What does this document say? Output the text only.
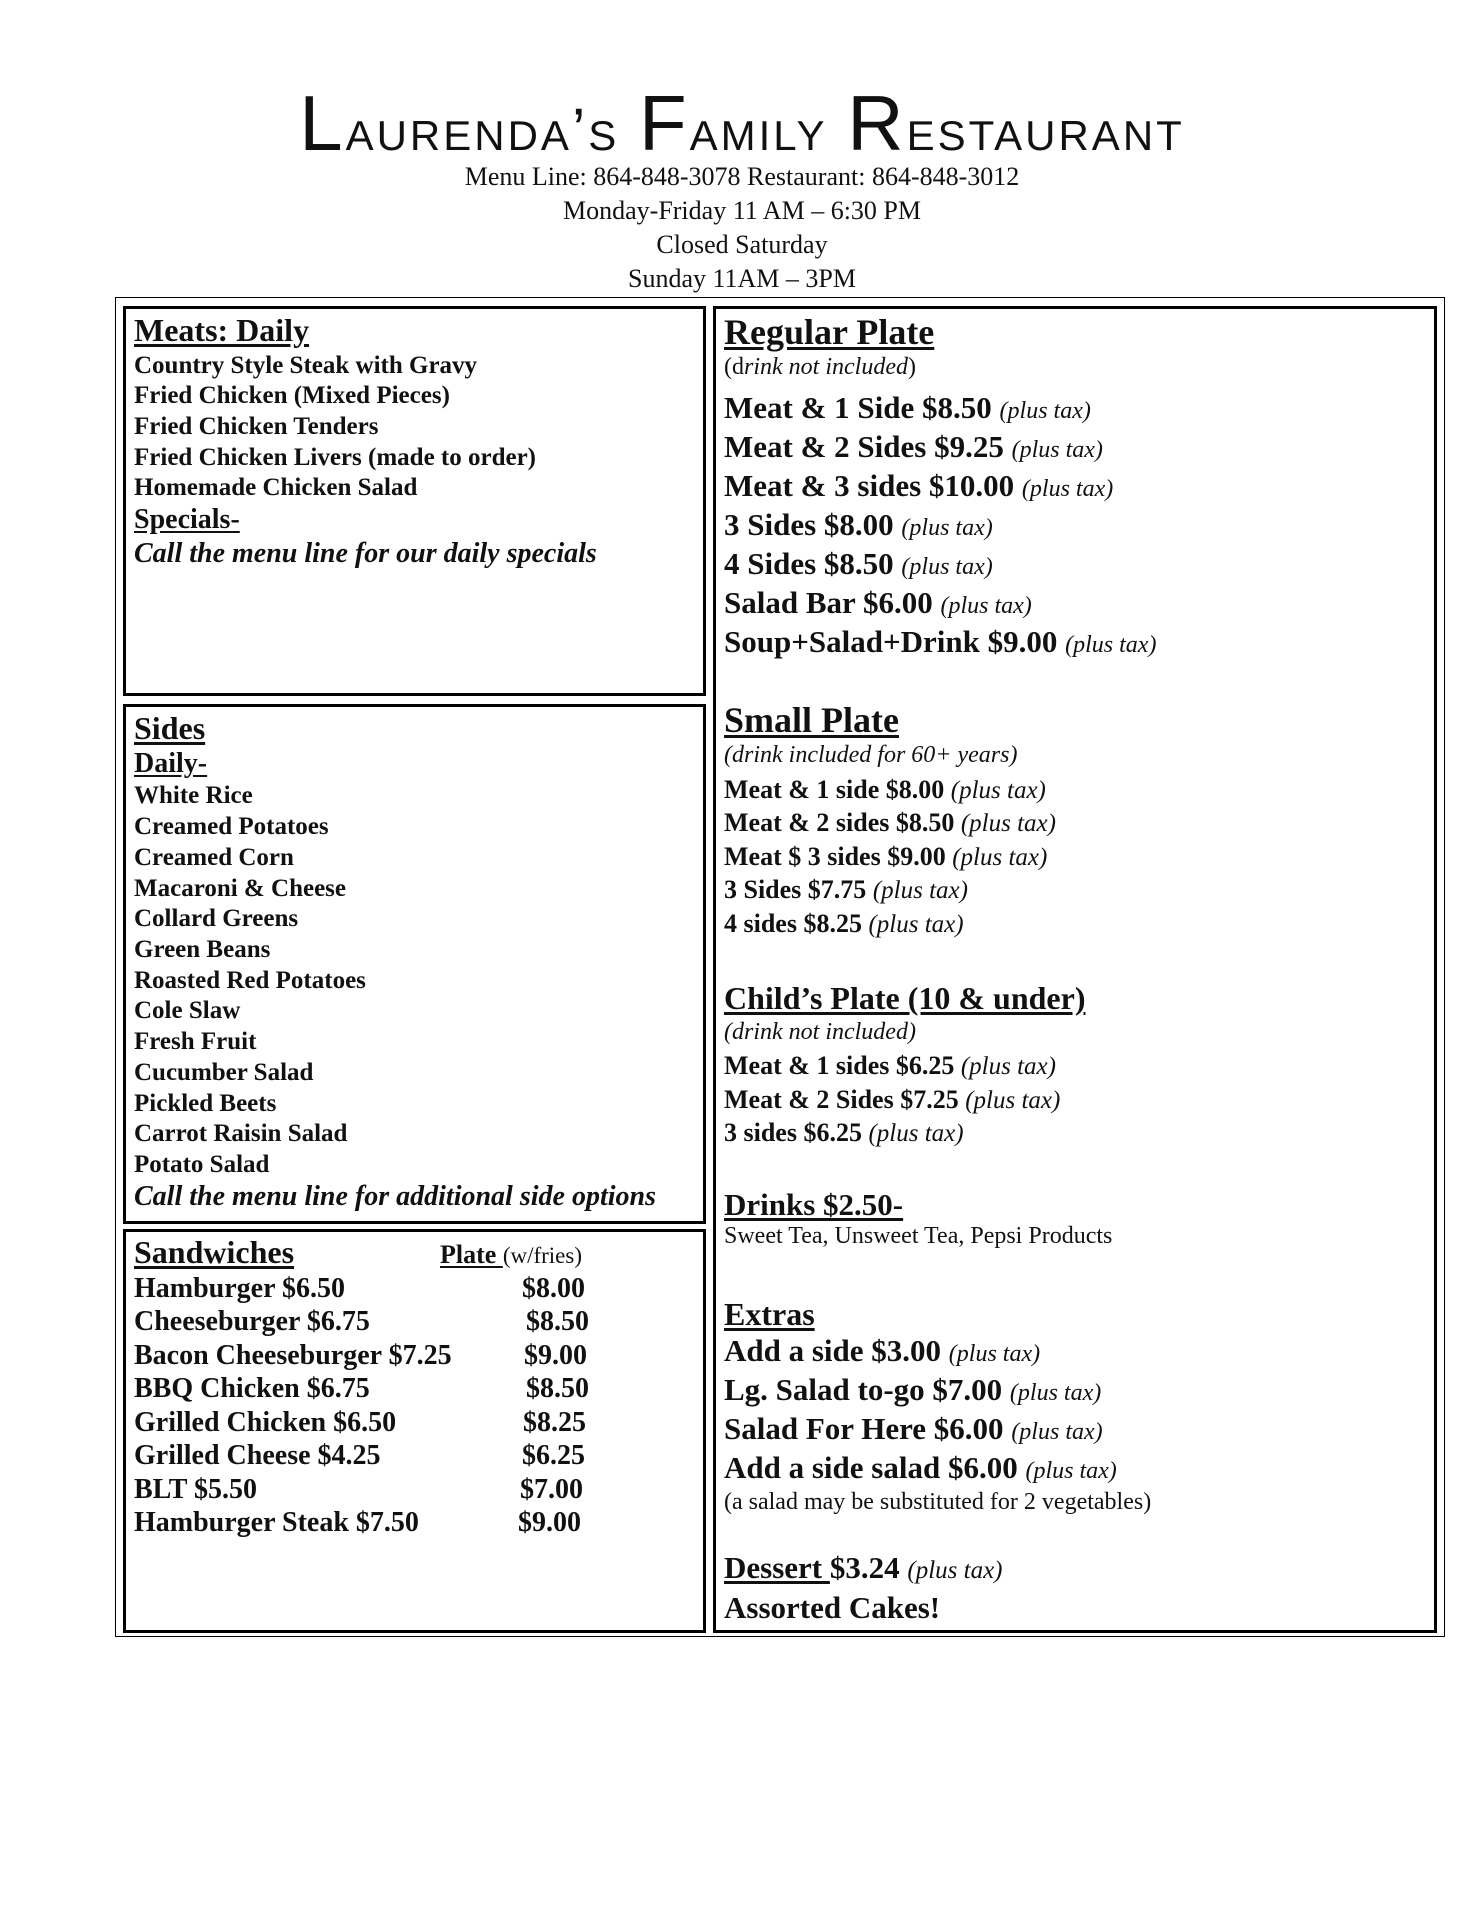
Laurenda’s Family Restaurant
Menu Line: 864-848-3078 Restaurant: 864-848-3012
Monday-Friday 11 AM – 6:30 PM
Closed Saturday
Sunday 11AM – 3PM
Meats: Daily
Country Style Steak with Gravy
Fried Chicken (Mixed Pieces)
Fried Chicken Tenders
Fried Chicken Livers (made to order)
Homemade Chicken Salad
Specials-
Call the menu line for our daily specials
Sides
Daily-
White Rice
Creamed Potatoes
Creamed Corn
Macaroni & Cheese
Collard Greens
Green Beans
Roasted Red Potatoes
Cole Slaw
Fresh Fruit
Cucumber Salad
Pickled Beets
Carrot Raisin Salad
Potato Salad
Call the menu line for additional side options
Sandwiches	Plate (w/fries)
Hamburger $6.50	$8.00
Cheeseburger $6.75	$8.50
Bacon Cheeseburger $7.25	$9.00
BBQ Chicken $6.75	$8.50
Grilled Chicken $6.50	$8.25
Grilled Cheese $4.25	$6.25
BLT $5.50	$7.00
Hamburger Steak $7.50	$9.00
Regular Plate
(drink not included)
Meat & 1 Side $8.50 (plus tax)
Meat & 2 Sides $9.25 (plus tax)
Meat & 3 sides $10.00 (plus tax)
3 Sides $8.00 (plus tax)
4 Sides $8.50 (plus tax)
Salad Bar $6.00 (plus tax)
Soup+Salad+Drink $9.00 (plus tax)
Small Plate
(drink included for 60+ years)
Meat & 1 side $8.00 (plus tax)
Meat & 2 sides $8.50 (plus tax)
Meat $ 3 sides $9.00 (plus tax)
3 Sides $7.75 (plus tax)
4 sides $8.25 (plus tax)
Child’s Plate (10 & under)
(drink not included)
Meat & 1 sides $6.25 (plus tax)
Meat & 2 Sides $7.25 (plus tax)
3 sides $6.25 (plus tax)
Drinks $2.50-
Sweet Tea, Unsweet Tea, Pepsi Products
Extras
Add a side $3.00 (plus tax)
Lg. Salad to-go $7.00 (plus tax)
Salad For Here $6.00 (plus tax)
Add a side salad $6.00 (plus tax)
(a salad may be substituted for 2 vegetables)
Dessert $3.24 (plus tax)
Assorted Cakes!
